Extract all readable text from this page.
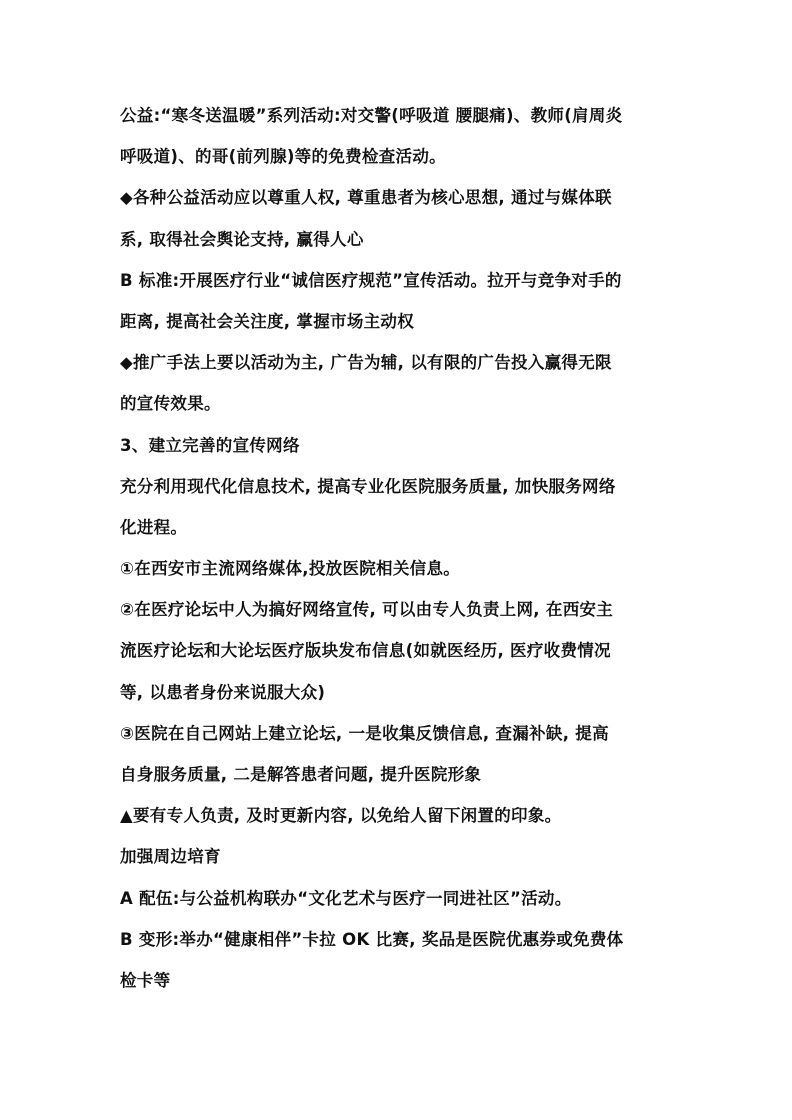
公益:“寒冬送温暖”系列活动:对交警(呼吸道 腰腿痛)、教师(肩周炎
呼吸道)、的哥(前列腺)等的免费检查活动。
◆各种公益活动应以尊重人权, 尊重患者为核心思想, 通过与媒体联
系, 取得社会舆论支持, 赢得人心
B 标准:开展医疗行业“诚信医疗规范”宣传活动。拉开与竞争对手的
距离, 提高社会关注度, 掌握市场主动权
◆推广手法上要以活动为主, 广告为辅, 以有限的广告投入赢得无限
的宣传效果。
3、建立完善的宣传网络
充分利用现代化信息技术, 提高专业化医院服务质量, 加快服务网络
化进程。
①在西安市主流网络媒体,投放医院相关信息。
②在医疗论坛中人为搞好网络宣传, 可以由专人负责上网, 在西安主
流医疗论坛和大论坛医疗版块发布信息(如就医经历, 医疗收费情况
等, 以患者身份来说服大众)
③医院在自己网站上建立论坛, 一是收集反馈信息, 查漏补缺, 提高
自身服务质量, 二是解答患者问题, 提升医院形象
▲要有专人负责, 及时更新内容, 以免给人留下闲置的印象。
加强周边培育
A 配伍:与公益机构联办“文化艺术与医疗一同进社区”活动。
B 变形:举办“健康相伴”卡拉 OK 比赛, 奖品是医院优惠券或免费体
检卡等
